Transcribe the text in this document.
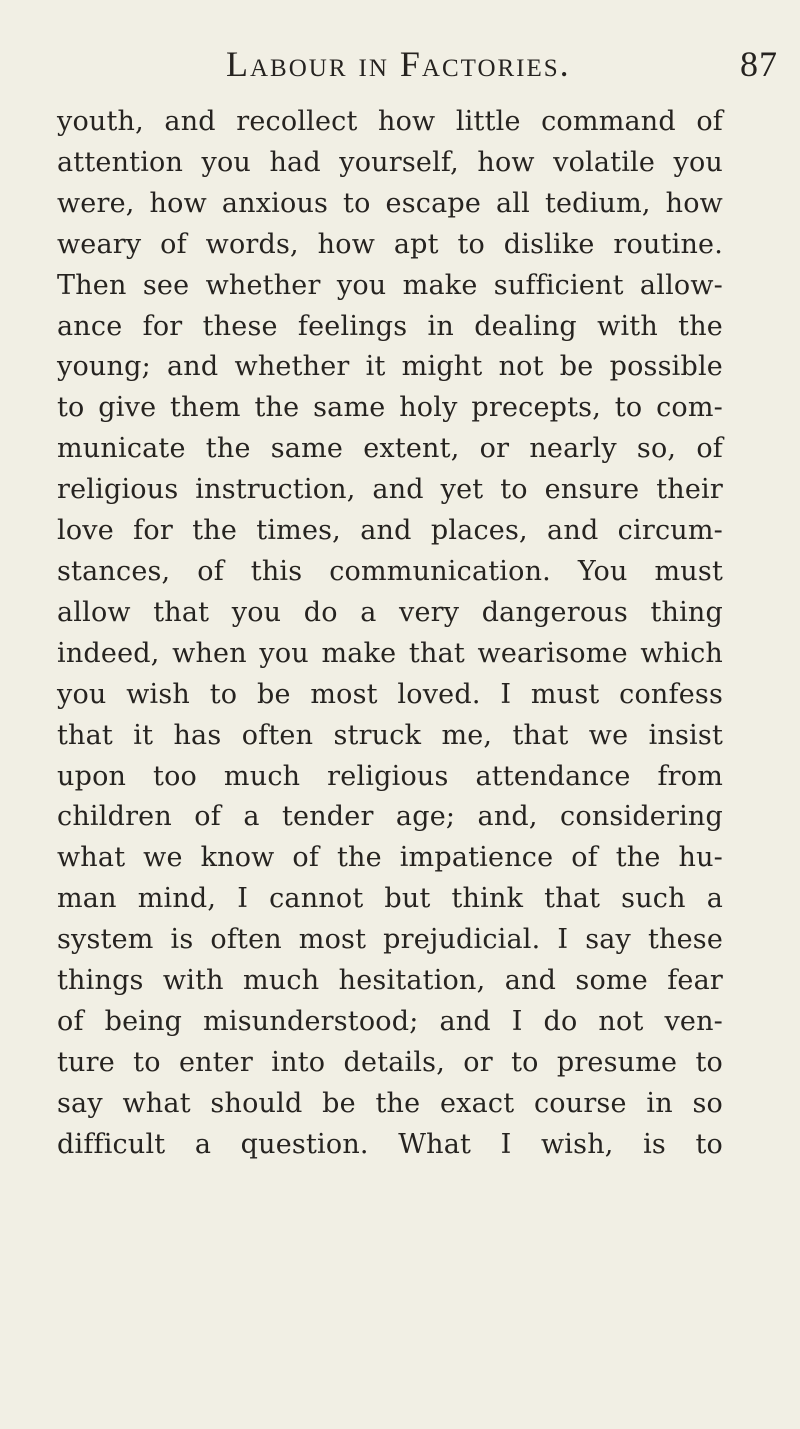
Labour in Factories.	87
youth, and recollect how little command of
attention you had yourself, how volatile you
were, how anxious to escape all tedium, how
weary of words, how apt to dislike routine.
Then see whether you make sufficient allow-
ance for these feelings in dealing with the
young; and whether it might not be possible
to give them the same holy precepts, to com-
municate the same extent, or nearly so, of
religious instruction, and yet to ensure their
love for the times, and places, and circum-
stances, of this communication. You must
allow that you do a very dangerous thing
indeed, when you make that wearisome which
you wish to be most loved. I must confess
that it has often struck me, that we insist
upon too much religious attendance from
children of a tender age; and, considering
what we know of the impatience of the hu-
man mind, I cannot but think that such a
system is often most prejudicial. I say these
things with much hesitation, and some fear
of being misunderstood; and I do not ven-
ture to enter into details, or to presume to
say what should be the exact course in so
difficult a question. What I wish, is to
